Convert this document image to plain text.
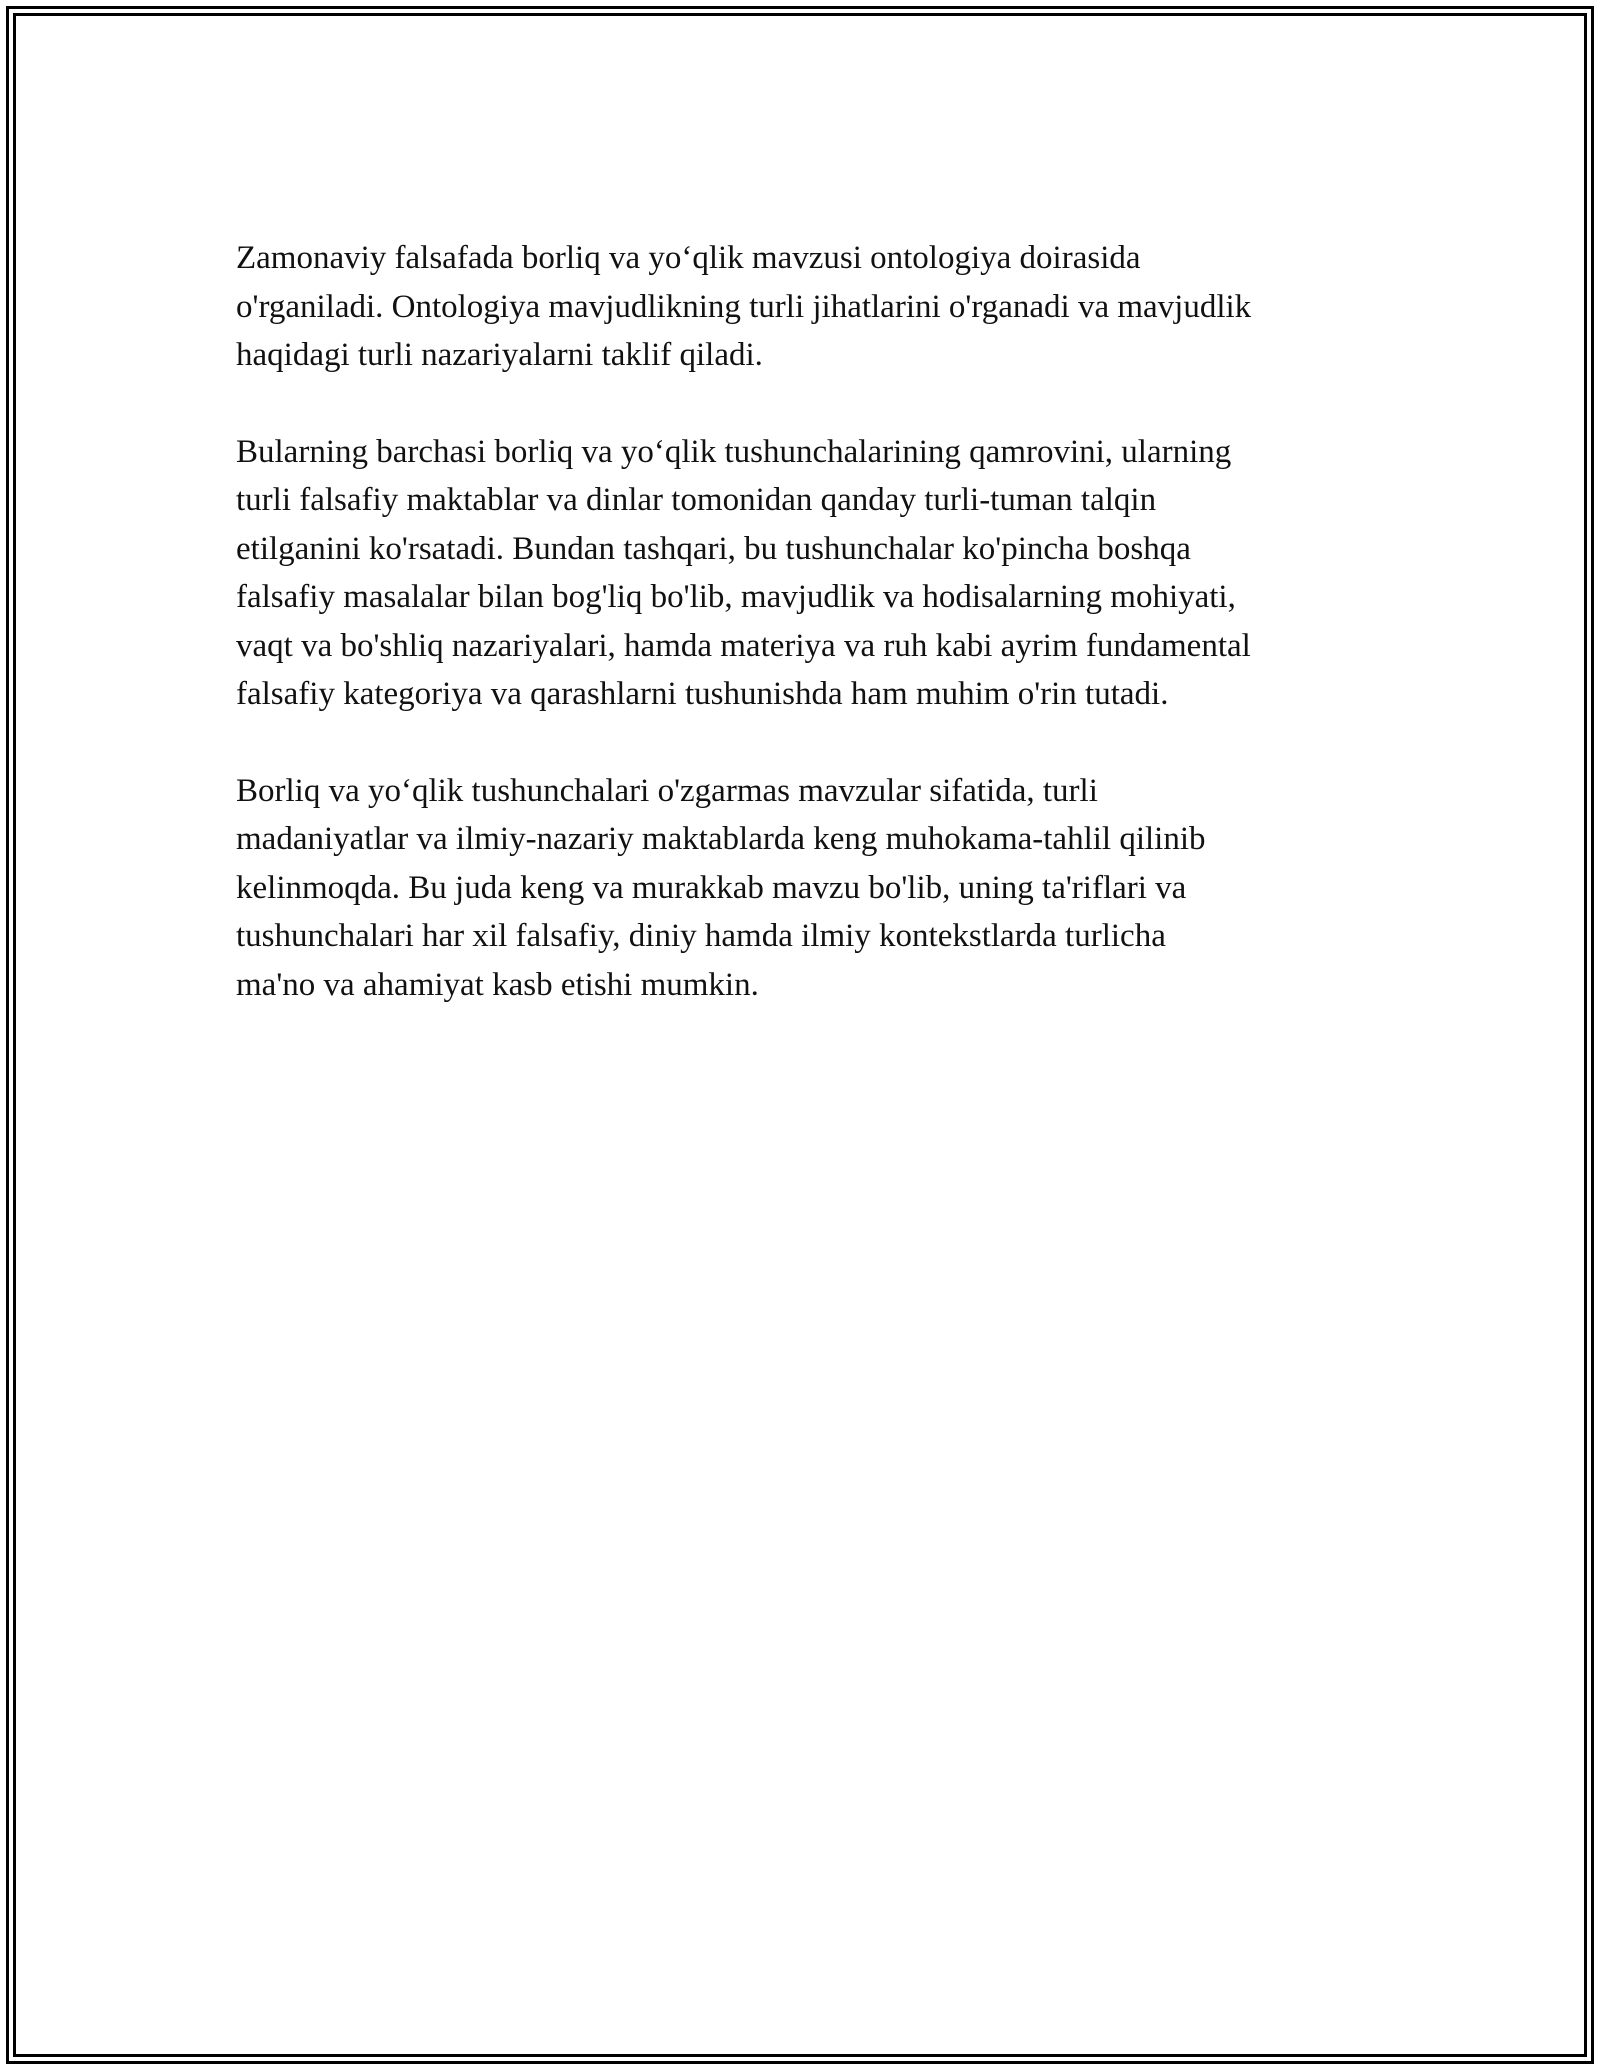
Zamonaviy falsafada borliq va yo‘qlik mavzusi ontologiya doirasida
o'rganiladi. Ontologiya mavjudlikning turli jihatlarini o'rganadi va mavjudlik
haqidagi turli nazariyalarni taklif qiladi.

Bularning barchasi borliq va yo‘qlik tushunchalarining qamrovini, ularning
turli falsafiy maktablar va dinlar tomonidan qanday turli-tuman talqin
etilganini ko'rsatadi. Bundan tashqari, bu tushunchalar ko'pincha boshqa
falsafiy masalalar bilan bog'liq bo'lib, mavjudlik va hodisalarning mohiyati,
vaqt va bo'shliq nazariyalari, hamda materiya va ruh kabi ayrim fundamental
falsafiy kategoriya va qarashlarni tushunishda ham muhim o'rin tutadi.

Borliq va yo‘qlik tushunchalari o'zgarmas mavzular sifatida, turli
madaniyatlar va ilmiy-nazariy maktablarda keng muhokama-tahlil qilinib
kelinmoqda. Bu juda keng va murakkab mavzu bo'lib, uning ta'riflari va
tushunchalari har xil falsafiy, diniy hamda ilmiy kontekstlarda turlicha
ma'no va ahamiyat kasb etishi mumkin.
